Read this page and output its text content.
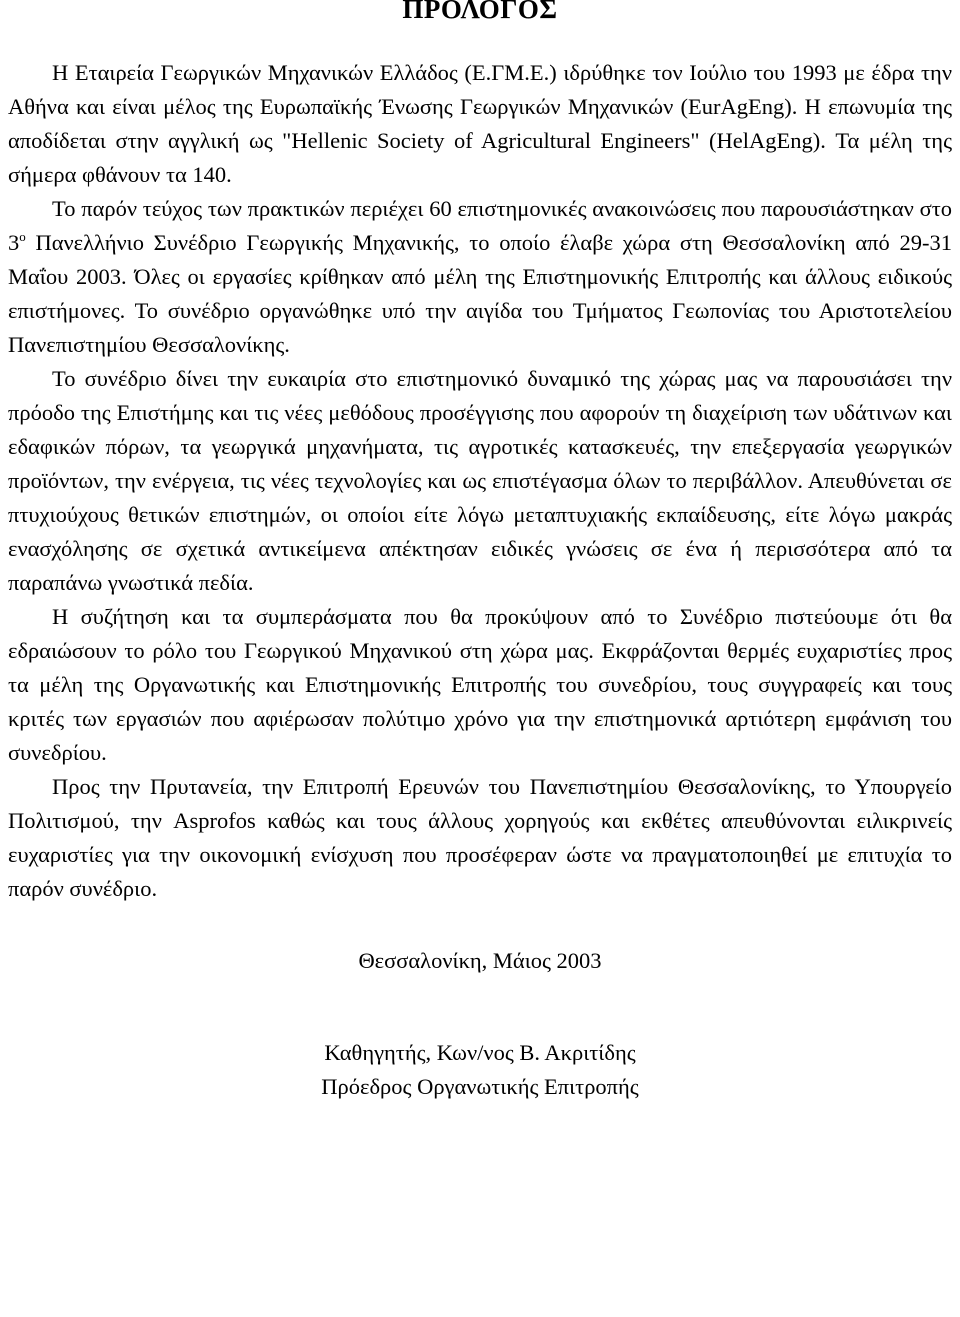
ΠΡΟΛΟΓΟΣ

Η Εταιρεία Γεωργικών Μηχανικών Ελλάδος (Ε.ΓΜ.Ε.) ιδρύθηκε τον Ιούλιο του 1993 με έδρα την Αθήνα και είναι μέλος της Ευρωπαϊκής Ένωσης Γεωργικών Μηχανικών (EurAgEng). Η επωνυμία της αποδίδεται στην αγγλική ως "Hellenic Society of Agricultural Engineers" (HelAgEng). Τα μέλη της σήμερα φθάνουν τα 140.

Το παρόν τεύχος των πρακτικών περιέχει 60 επιστημονικές ανακοινώσεις που παρουσιάστηκαν στο $3^o$ Πανελλήνιο Συνέδριο Γεωργικής Μηχανικής, το οποίο έλαβε χώρα στη Θεσσαλονίκη από 29-31 Μαΐου 2003. Όλες οι εργασίες κρίθηκαν από μέλη της Επιστημονικής Επιτροπής και άλλους ειδικούς επιστήμονες. Το συνέδριο οργανώθηκε υπό την αιγίδα του Τμήματος Γεωπονίας του Αριστοτελείου Πανεπιστημίου Θεσσαλονίκης.

Το συνέδριο δίνει την ευκαιρία στο επιστημονικό δυναμικό της χώρας μας να παρουσιάσει την πρόοδο της Επιστήμης και τις νέες μεθόδους προσέγγισης που αφορούν τη διαχείριση των υδάτινων και εδαφικών πόρων, τα γεωργικά μηχανήματα, τις αγροτικές κατασκευές, την επεξεργασία γεωργικών προϊόντων, την ενέργεια, τις νέες τεχνολογίες και ως επιστέγασμα όλων το περιβάλλον. Απευθύνεται σε πτυχιούχους θετικών επιστημών, οι οποίοι είτε λόγω μεταπτυχιακής εκπαίδευσης, είτε λόγω μακράς ενασχόλησης σε σχετικά αντικείμενα απέκτησαν ειδικές γνώσεις σε ένα ή περισσότερα από τα παραπάνω γνωστικά πεδία.

Η συζήτηση και τα συμπεράσματα που θα προκύψουν από το Συνέδριο πιστεύουμε ότι θα εδραιώσουν το ρόλο του Γεωργικού Μηχανικού στη χώρα μας. Εκφράζονται θερμές ευχαριστίες προς τα μέλη της Οργανωτικής και Επιστημονικής Επιτροπής του συνεδρίου, τους συγγραφείς και τους κριτές των εργασιών που αφιέρωσαν πολύτιμο χρόνο για την επιστημονικά αρτιότερη εμφάνιση του συνεδρίου.

Προς την Πρυτανεία, την Επιτροπή Ερευνών του Πανεπιστημίου Θεσσαλονίκης, το Υπουργείο Πολιτισμού, την Asprofos καθώς και τους άλλους χορηγούς και εκθέτες απευθύνονται ειλικρινείς ευχαριστίες για την οικονομική ενίσχυση που προσέφεραν ώστε να πραγματοποιηθεί με επιτυχία το παρόν συνέδριο.

Θεσσαλονίκη, Μάιος 2003
Καθηγητής, Κων/νος Β. Ακριτίδης
Πρόεδρος Οργανωτικής Επιτροπής
